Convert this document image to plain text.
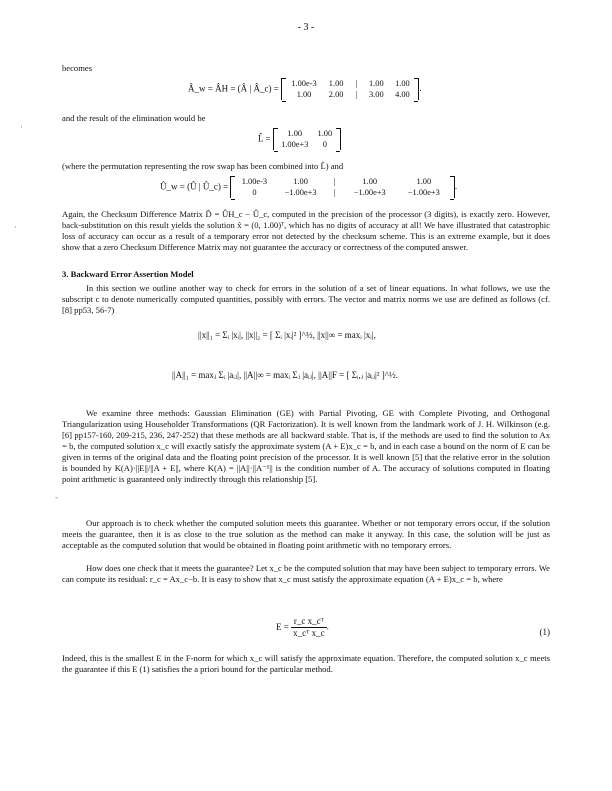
- 3 -
becomes
Â_w = ÂH = (Â | Â_c) =	1.00e-3 1.00 | 1.00 1.00
1.00 2.00 | 3.00 4.00
.
and the result of the elimination would be
L̂ =	1.00 1.00
1.00e+3 0
(where the permutation representing the row swap has been combined into L̂) and
Û_w = (Û | Û_c) =	1.00e-3	1.00	|	1.00	1.00
0	−1.00e+3 | −1.00e+3	−1.00e+3
.
Again, the Checksum Difference Matrix D̂ = ÛH_c − Û_c, computed in the precision of the processor (3 digits), is exactly zero. However, back-substitution on this result yields the solution x̂ = (0, 1.00)ᵀ, which has no digits of accuracy at all! We have illustrated that catastrophic loss of accuracy can occur as a result of a temporary error not detected by the checksum scheme. This is an extreme example, but it does show that a zero Checksum Difference Matrix may not guarantee the accuracy or correctness of the computed answer.
3. Backward Error Assertion Model
In this section we outline another way to check for errors in the solution of a set of linear equations. In what follows, we use the subscript c to denote numerically computed quantities, possibly with errors. The vector and matrix norms we use are defined as follows (cf. [8] pp53, 56-7)
||x||₁ = Σᵢ |xᵢ|, ||x||₂ = [ Σᵢ |xᵢ|² ]^½, ||x||∞ = maxᵢ |xᵢ|,
||A||₁ = maxⱼ Σᵢ |aᵢⱼ|, ||A||∞ = maxᵢ Σⱼ |aᵢⱼ|, ||A||F = [ Σᵢ,ⱼ |aᵢⱼ|² ]^½.
We examine three methods: Gaussian Elimination (GE) with Partial Pivoting, GE with Complete Pivoting, and Orthogonal Triangularization using Householder Transformations (QR Factorization). It is well known from the landmark work of J. H. Wilkinson (e.g. [6] pp157-160, 209-215, 236, 247-252) that these methods are all backward stable. That is, if the methods are used to find the solution to Ax = b, the computed solution x_c will exactly satisfy the approximate system (A + E)x_c = b, and in each case a bound on the norm of E can be given in terms of the original data and the floating point precision of the processor. It is well known [5] that the relative error in the solution is bounded by K(A)·||E||/||A + E||, where K(A) = ||A||·||A⁻¹|| is the condition number of A. The accuracy of solutions computed in floating point arithmetic is guaranteed only indirectly through this relationship [5].
Our approach is to check whether the computed solution meets this guarantee. Whether or not temporary errors occur, if the solution meets the guarantee, then it is as close to the true solution as the method can make it anyway. In this case, the solution will be just as acceptable as the computed solution that would be obtained in floating point arithmetic with no temporary errors.
How does one check that it meets the guarantee? Let x_c be the computed solution that may have been subject to temporary errors. We can compute its residual: r_c = Ax_c−b. It is easy to show that x_c must satisfy the approximate equation (A + E)x_c = b, where
$E = \frac{\text{r\_c x\_cᵀ}}{\text{x\_cᵀ x\_c}}$ .
(1)
Indeed, this is the smallest E in the F-norm for which x_c will satisfy the approximate equation. Therefore, the computed solution x_c meets the guarantee if this E (1) satisfies the a priori bound for the particular method.
·
·
-
